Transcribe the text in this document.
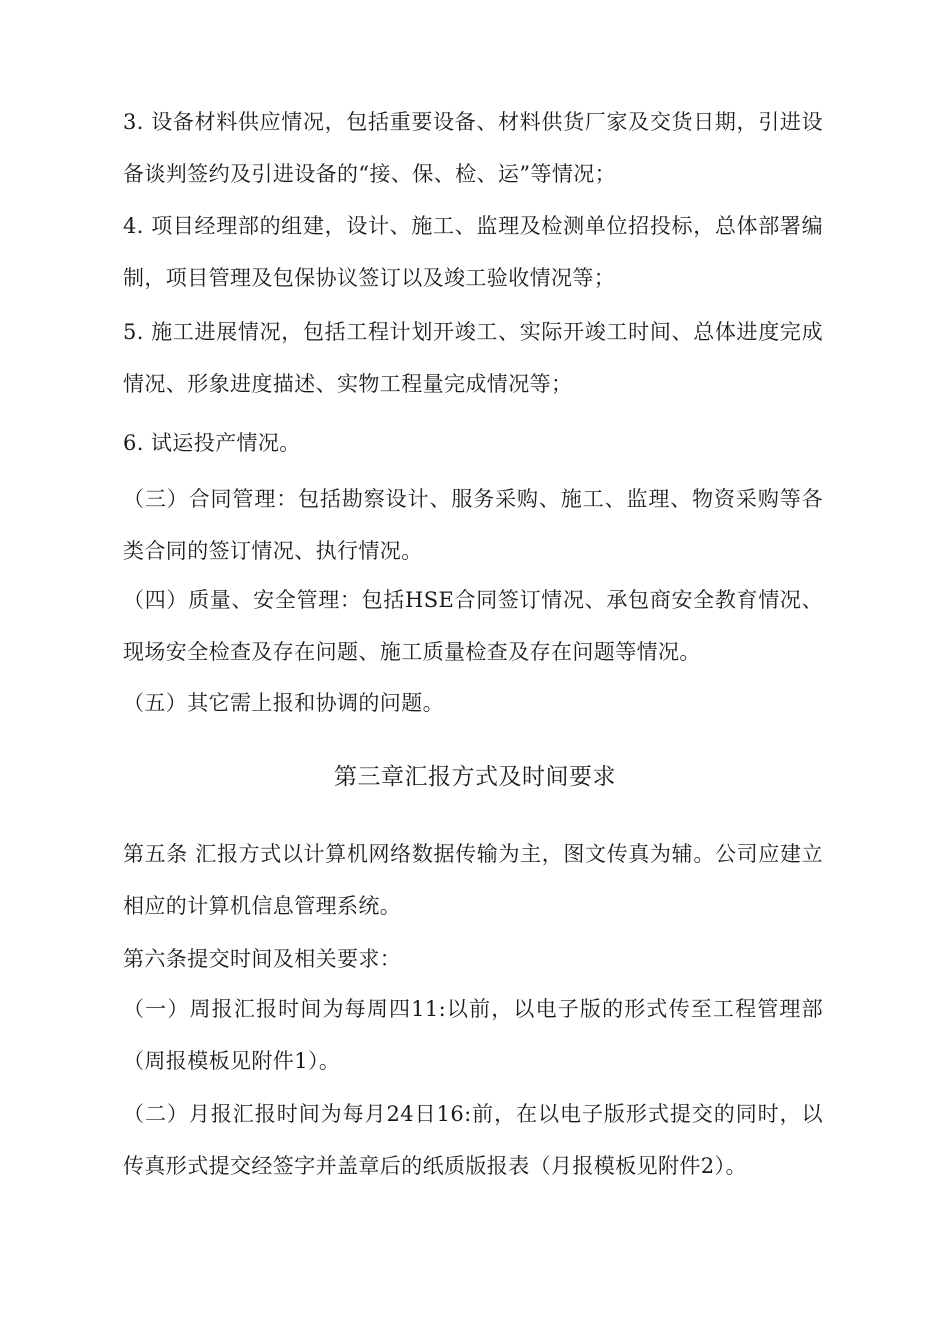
3. 设备材料供应情况，包括重要设备、材料供货厂家及交货日期，引进设备谈判签约及引进设备的“接、保、检、运”等情况；

4. 项目经理部的组建，设计、施工、监理及检测单位招投标，总体部署编制，项目管理及包保协议签订以及竣工验收情况等；

5. 施工进展情况，包括工程计划开竣工、实际开竣工时间、总体进度完成情况、形象进度描述、实物工程量完成情况等；

6. 试运投产情况。

（三）合同管理：包括勘察设计、服务采购、施工、监理、物资采购等各类合同的签订情况、执行情况。

（四）质量、安全管理：包括HSE合同签订情况、承包商安全教育情况、现场安全检查及存在问题、施工质量检查及存在问题等情况。

（五）其它需上报和协调的问题。

第三章汇报方式及时间要求

第五条 汇报方式以计算机网络数据传输为主，图文传真为辅。公司应建立相应的计算机信息管理系统。

第六条提交时间及相关要求：

（一）周报汇报时间为每周四11:以前，以电子版的形式传至工程管理部（周报模板见附件1）。

（二）月报汇报时间为每月24日16:前，在以电子版形式提交的同时，以传真形式提交经签字并盖章后的纸质版报表（月报模板见附件2）。
